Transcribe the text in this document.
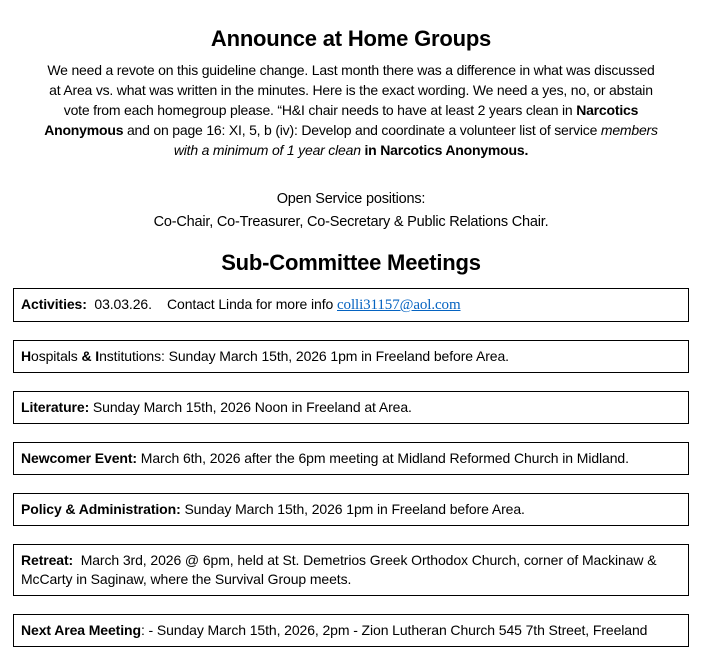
Announce at Home Groups
We need a revote on this guideline change. Last month there was a difference in what was discussed
at Area vs. what was written in the minutes. Here is the exact wording. We need a yes, no, or abstain
vote from each homegroup please. “H&I chair needs to have at least 2 years clean in Narcotics
Anonymous and on page 16: XI, 5, b (iv): Develop and coordinate a volunteer list of service members
with a minimum of 1 year clean in Narcotics Anonymous.
Open Service positions:
Co-Chair, Co-Treasurer, Co-Secretary & Public Relations Chair.
Sub-Committee Meetings
Activities:  03.03.26.    Contact Linda for more info colli31157@aol.com
Hospitals & Institutions: Sunday March 15th, 2026 1pm in Freeland before Area.
Literature: Sunday March 15th, 2026 Noon in Freeland at Area.
Newcomer Event: March 6th, 2026 after the 6pm meeting at Midland Reformed Church in Midland.
Policy & Administration: Sunday March 15th, 2026 1pm in Freeland before Area.
Retreat:  March 3rd, 2026 @ 6pm, held at St. Demetrios Greek Orthodox Church, corner of Mackinaw & McCarty in Saginaw, where the Survival Group meets.
Next Area Meeting: - Sunday March 15th, 2026, 2pm - Zion Lutheran Church 545 7th Street, Freeland
